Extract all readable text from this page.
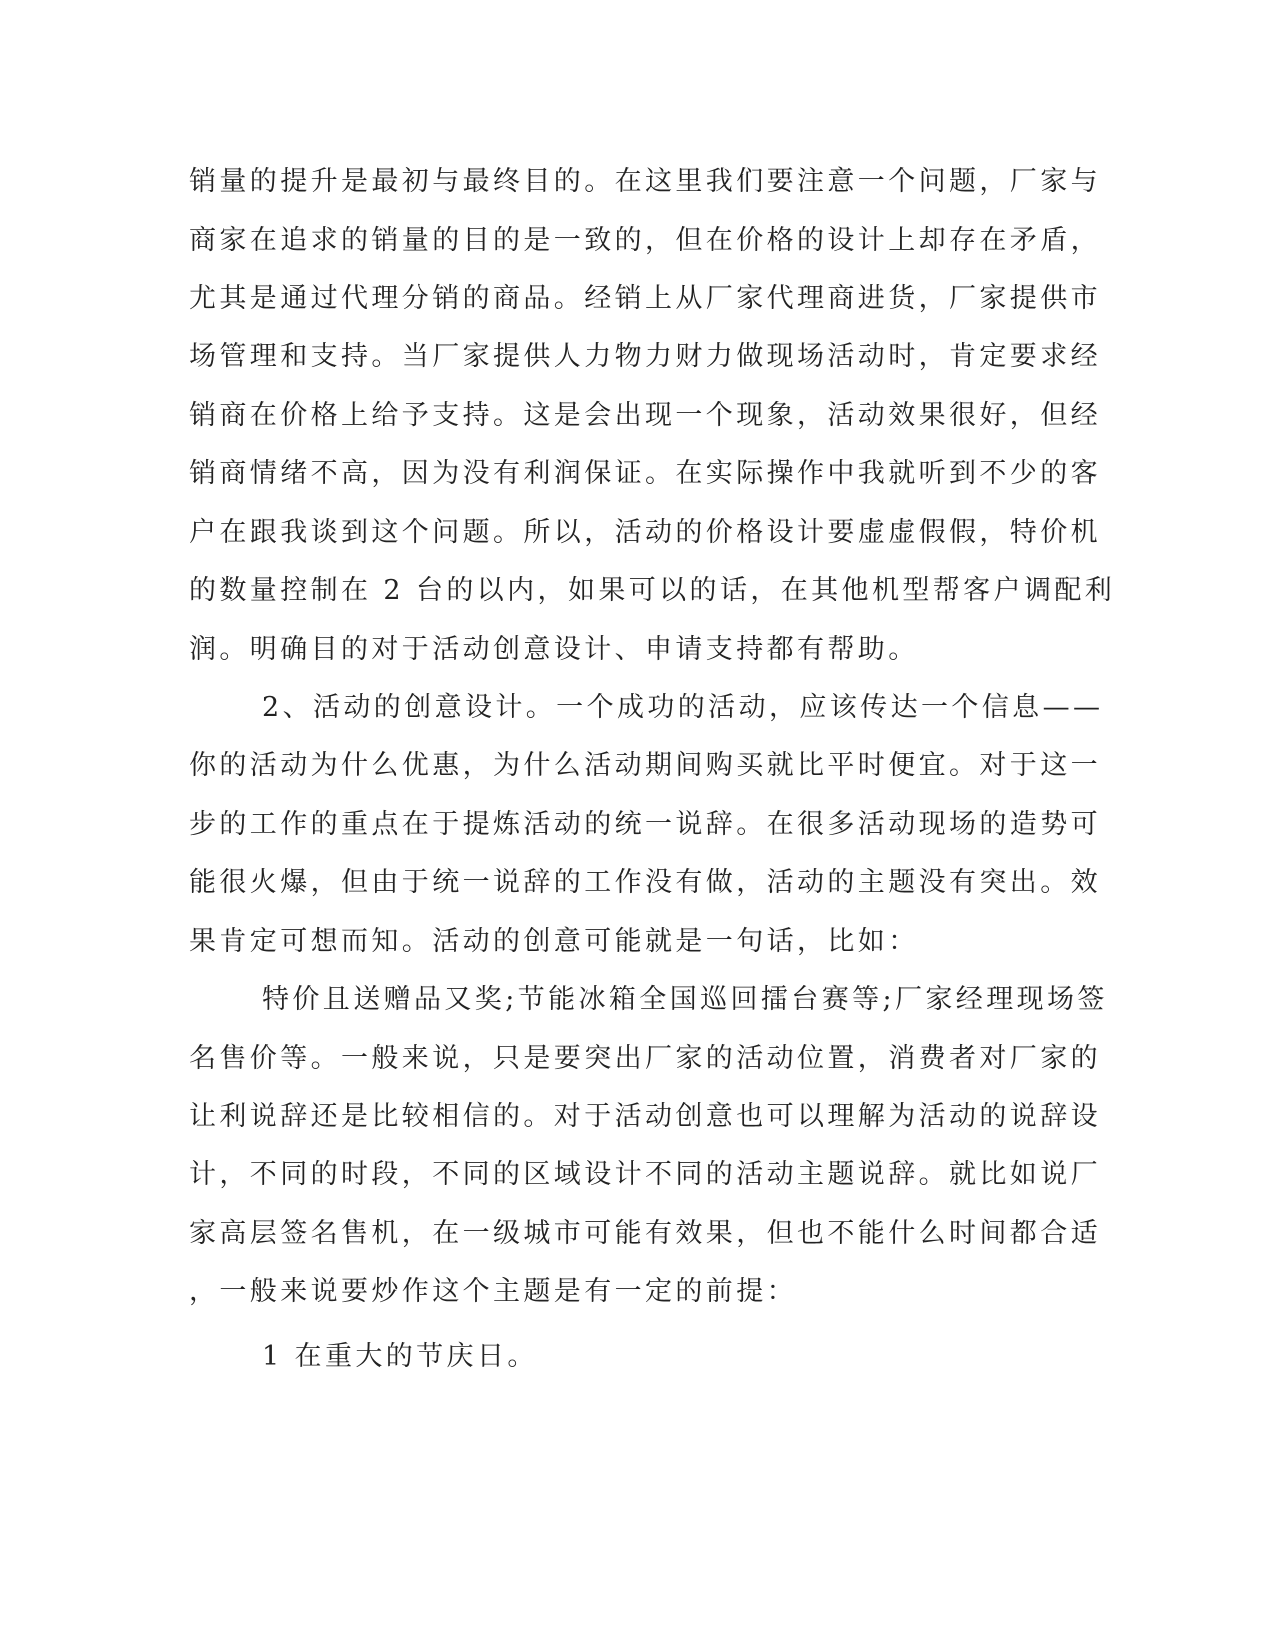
销量的提升是最初与最终目的。在这里我们要注意一个问题，厂家与
商家在追求的销量的目的是一致的，但在价格的设计上却存在矛盾，
尤其是通过代理分销的商品。经销上从厂家代理商进货，厂家提供市
场管理和支持。当厂家提供人力物力财力做现场活动时，肯定要求经
销商在价格上给予支持。这是会出现一个现象，活动效果很好，但经
销商情绪不高，因为没有利润保证。在实际操作中我就听到不少的客
户在跟我谈到这个问题。所以，活动的价格设计要虚虚假假，特价机
的数量控制在 2 台的以内，如果可以的话，在其他机型帮客户调配利
润。明确目的对于活动创意设计、申请支持都有帮助。
2、活动的创意设计。一个成功的活动，应该传达一个信息——
你的活动为什么优惠，为什么活动期间购买就比平时便宜。对于这一
步的工作的重点在于提炼活动的统一说辞。在很多活动现场的造势可
能很火爆，但由于统一说辞的工作没有做，活动的主题没有突出。效
果肯定可想而知。活动的创意可能就是一句话，比如：
特价且送赠品又奖;节能冰箱全国巡回擂台赛等;厂家经理现场签
名售价等。一般来说，只是要突出厂家的活动位置，消费者对厂家的
让利说辞还是比较相信的。对于活动创意也可以理解为活动的说辞设
计，不同的时段，不同的区域设计不同的活动主题说辞。就比如说厂
家高层签名售机，在一级城市可能有效果，但也不能什么时间都合适
，一般来说要炒作这个主题是有一定的前提：
1 在重大的节庆日。
